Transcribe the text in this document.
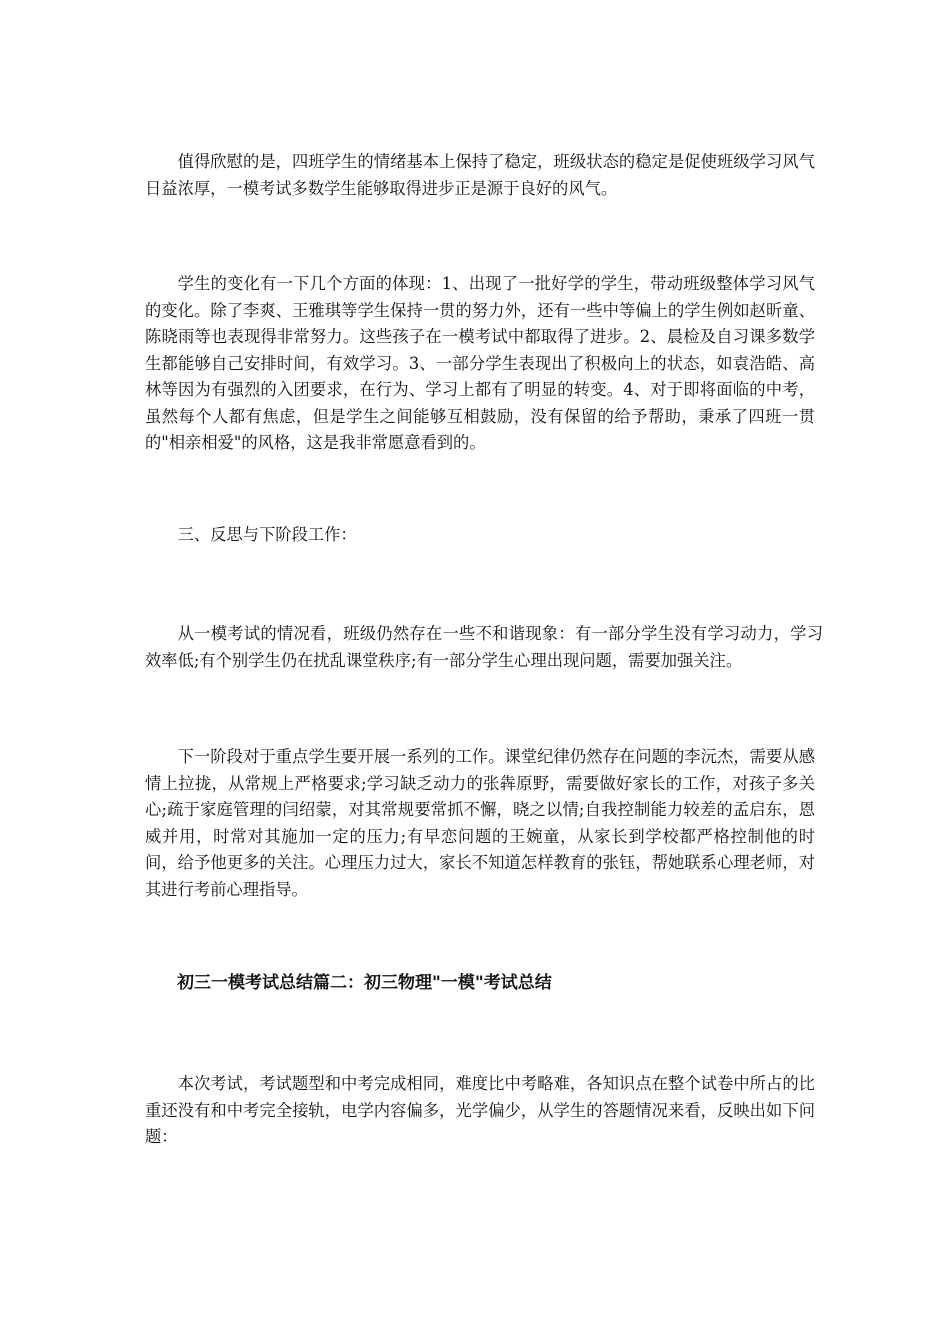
值得欣慰的是，四班学生的情绪基本上保持了稳定，班级状态的稳定是促使班级学习风气日益浓厚，一模考试多数学生能够取得进步正是源于良好的风气。

学生的变化有一下几个方面的体现：1、出现了一批好学的学生，带动班级整体学习风气的变化。除了李爽、王雅琪等学生保持一贯的努力外，还有一些中等偏上的学生例如赵昕童、陈晓雨等也表现得非常努力。这些孩子在一模考试中都取得了进步。2、晨检及自习课多数学生都能够自己安排时间，有效学习。3、一部分学生表现出了积极向上的状态，如袁浩皓、高林等因为有强烈的入团要求，在行为、学习上都有了明显的转变。4、对于即将面临的中考，虽然每个人都有焦虑，但是学生之间能够互相鼓励，没有保留的给予帮助，秉承了四班一贯的"相亲相爱"的风格，这是我非常愿意看到的。

三、反思与下阶段工作：

从一模考试的情况看，班级仍然存在一些不和谐现象：有一部分学生没有学习动力，学习效率低;有个别学生仍在扰乱课堂秩序;有一部分学生心理出现问题，需要加强关注。

下一阶段对于重点学生要开展一系列的工作。课堂纪律仍然存在问题的李沅杰，需要从感情上拉拢，从常规上严格要求;学习缺乏动力的张犇原野，需要做好家长的工作，对孩子多关心;疏于家庭管理的闫绍蒙，对其常规要常抓不懈，晓之以情;自我控制能力较差的孟启东，恩威并用，时常对其施加一定的压力;有早恋问题的王婉童，从家长到学校都严格控制他的时间，给予他更多的关注。心理压力过大，家长不知道怎样教育的张钰，帮她联系心理老师，对其进行考前心理指导。

初三一模考试总结篇二：初三物理"一模"考试总结

本次考试，考试题型和中考完成相同，难度比中考略难，各知识点在整个试卷中所占的比重还没有和中考完全接轨，电学内容偏多，光学偏少，从学生的答题情况来看，反映出如下问题：
